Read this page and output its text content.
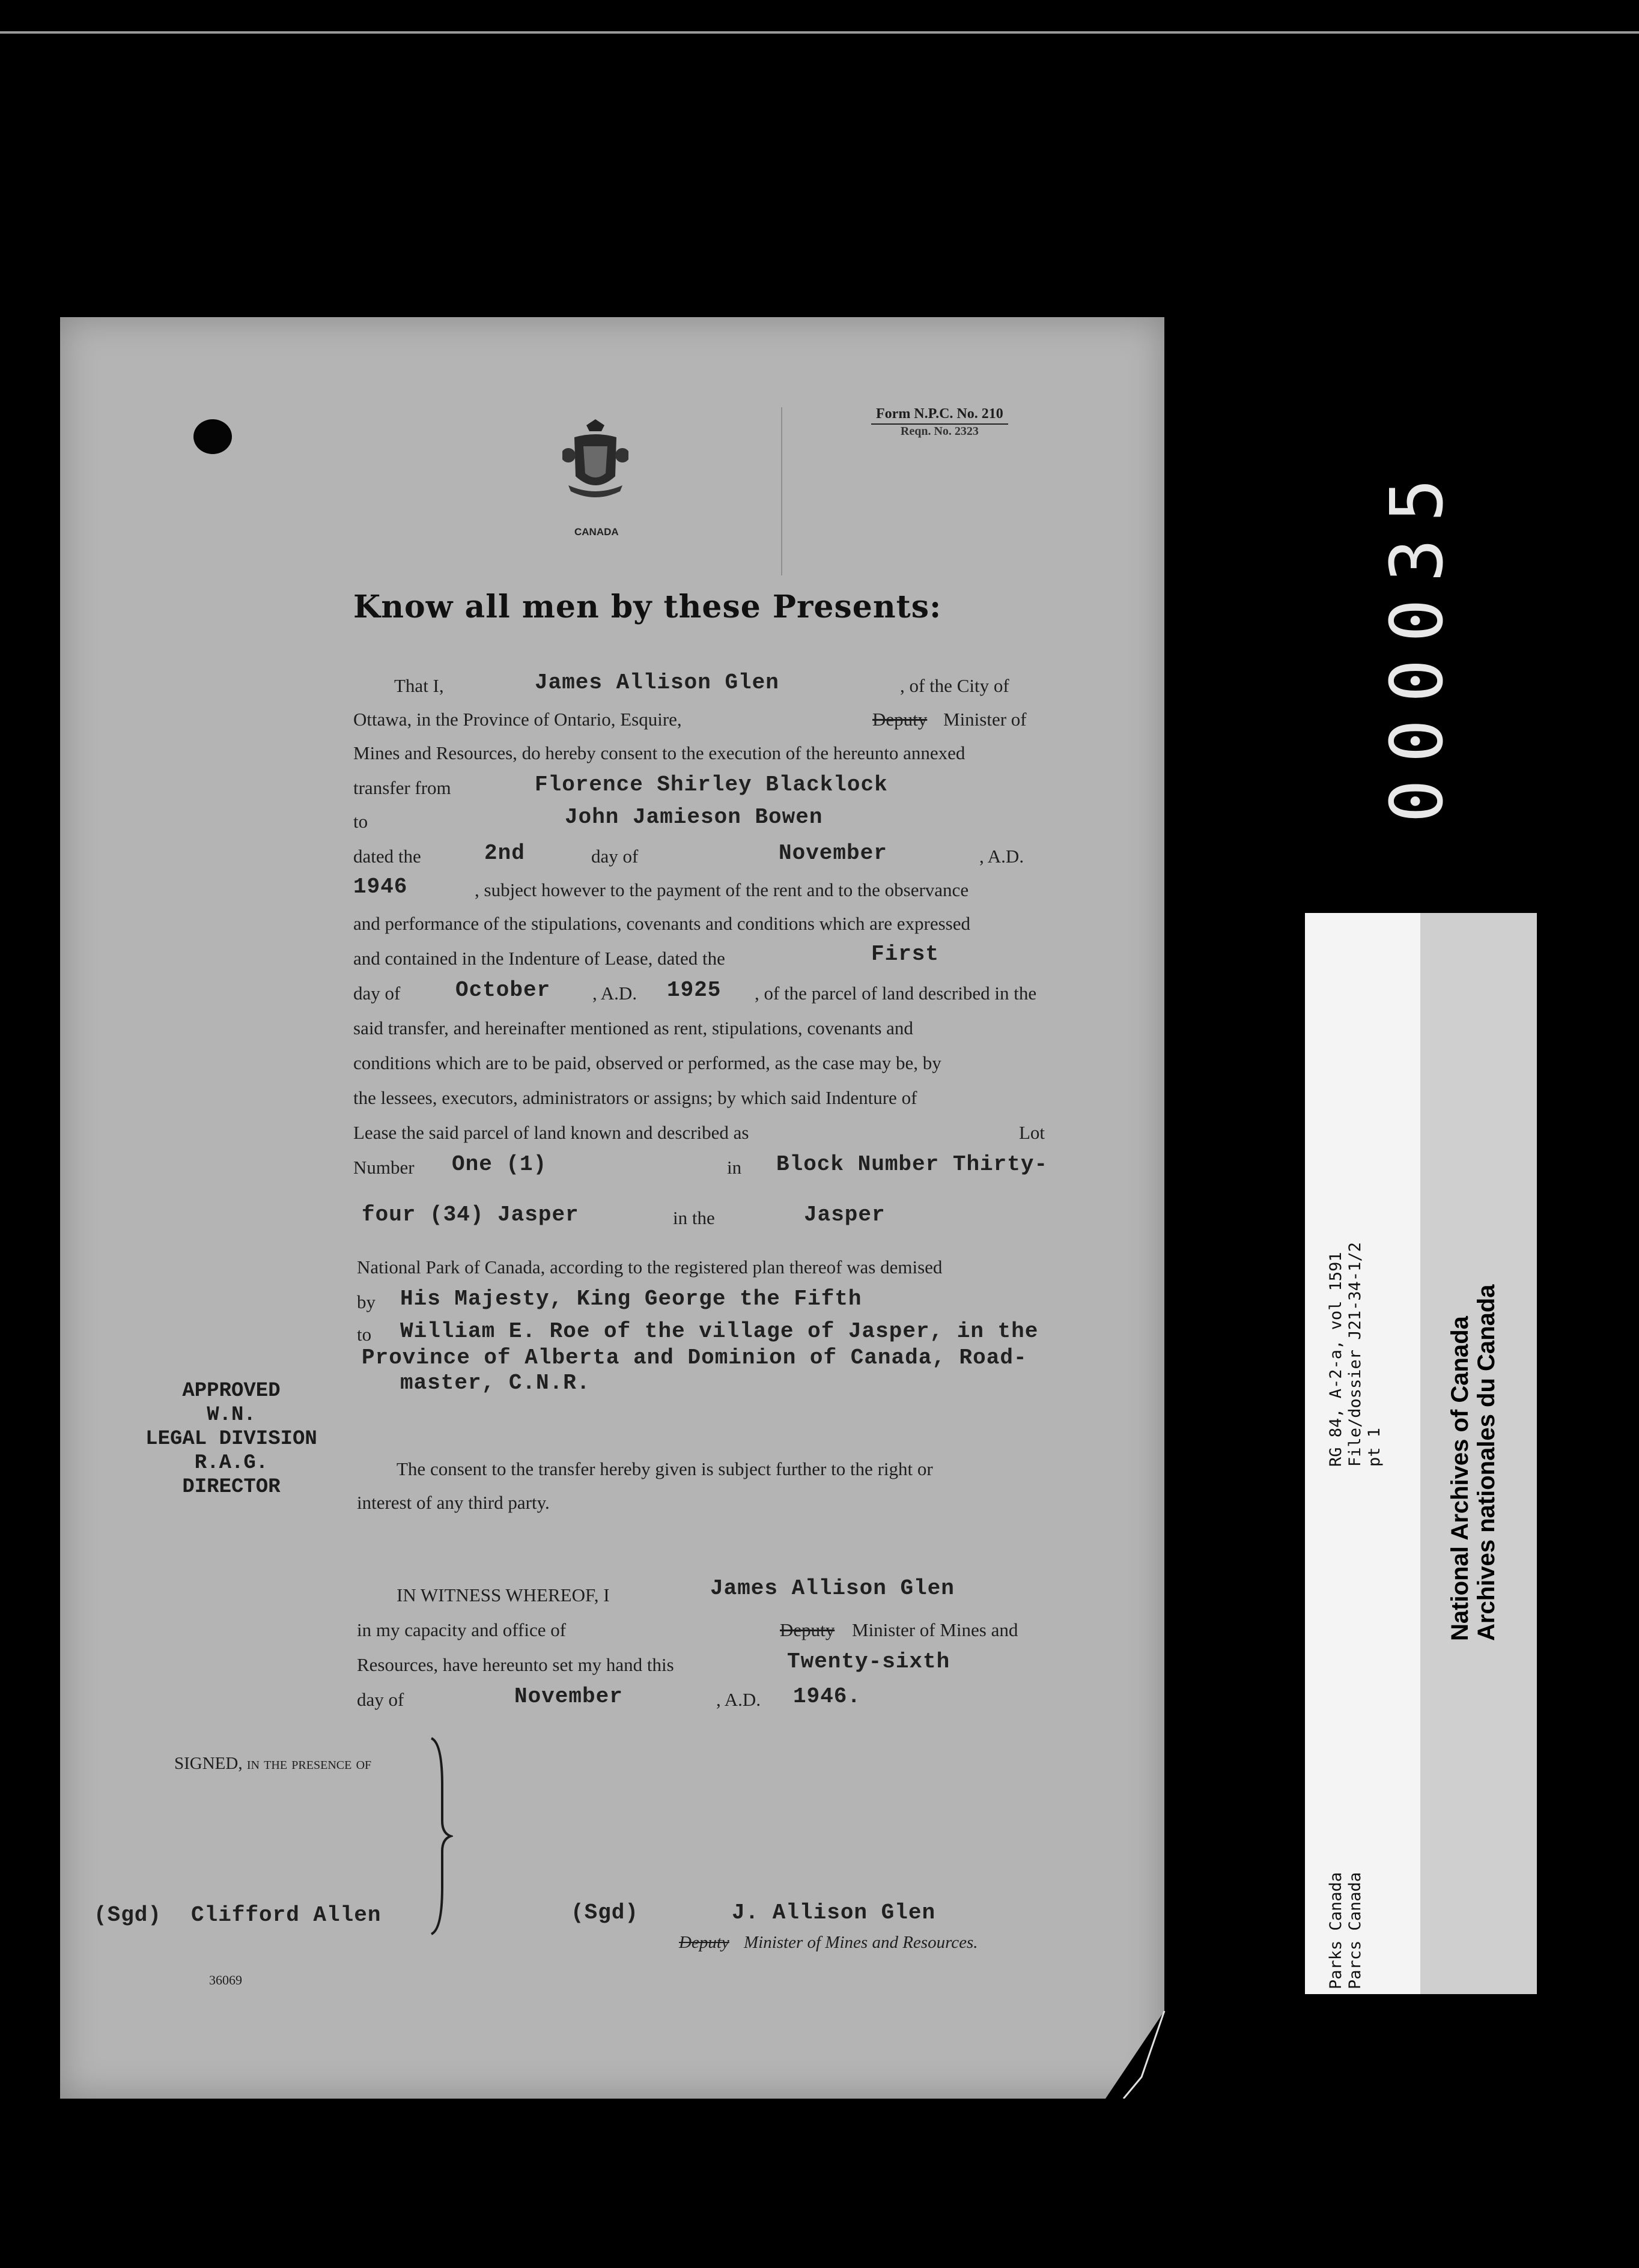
000035
CANADA
Form N.P.C. No. 210
Reqn. No. 2323
Know all men by these Presents:
That I,	James Allison Glen	, of the City of
Ottawa, in the Province of Ontario, Esquire,	Deputy Minister of
Mines and Resources, do hereby consent to the execution of the hereunto annexed
transfer from	Florence Shirley Blacklock
to	John Jamieson Bowen
dated the	2nd	day of	November	, A.D.
1946	, subject however to the payment of the rent and to the observance
and performance of the stipulations, covenants and conditions which are expressed
and contained in the Indenture of Lease, dated the	First
day of	October , A.D. 1925 , of the parcel of land described in the
said transfer, and hereinafter mentioned as rent, stipulations, covenants and
conditions which are to be paid, observed or performed, as the case may be, by
the lessees, executors, administrators or assigns; by which said Indenture of
Lease the said parcel of land known and described as	Lot
Number One (1)	in Block Number Thirty-
four (34) Jasper	in the	Jasper
National Park of Canada, according to the registered plan thereof was demised
by His Majesty, King George the Fifth
to William E. Roe of the village of Jasper, in the
Province of Alberta and Dominion of Canada, Road-
master, C.N.R.
APPROVED
W.N.
LEGAL DIVISION
R.A.G.
DIRECTOR
The consent to the transfer hereby given is subject further to the right or
interest of any third party.
IN WITNESS WHEREOF, I	James Allison Glen
in my capacity and office of	Deputy Minister of Mines and
Resources, have hereunto set my hand this	Twenty-sixth
day of	November	, A.D. 1946.
SIGNED, in the presence of
(Sgd) Clifford Allen	(Sgd)	J. Allison Glen
Deputy Minister of Mines and Resources.
36069
RG 84, A-2-a, vol 1591 File/dossier J21-34-1/2 pt 1
Parks Canada Parcs Canada
National Archives of Canada Archives nationales du Canada
